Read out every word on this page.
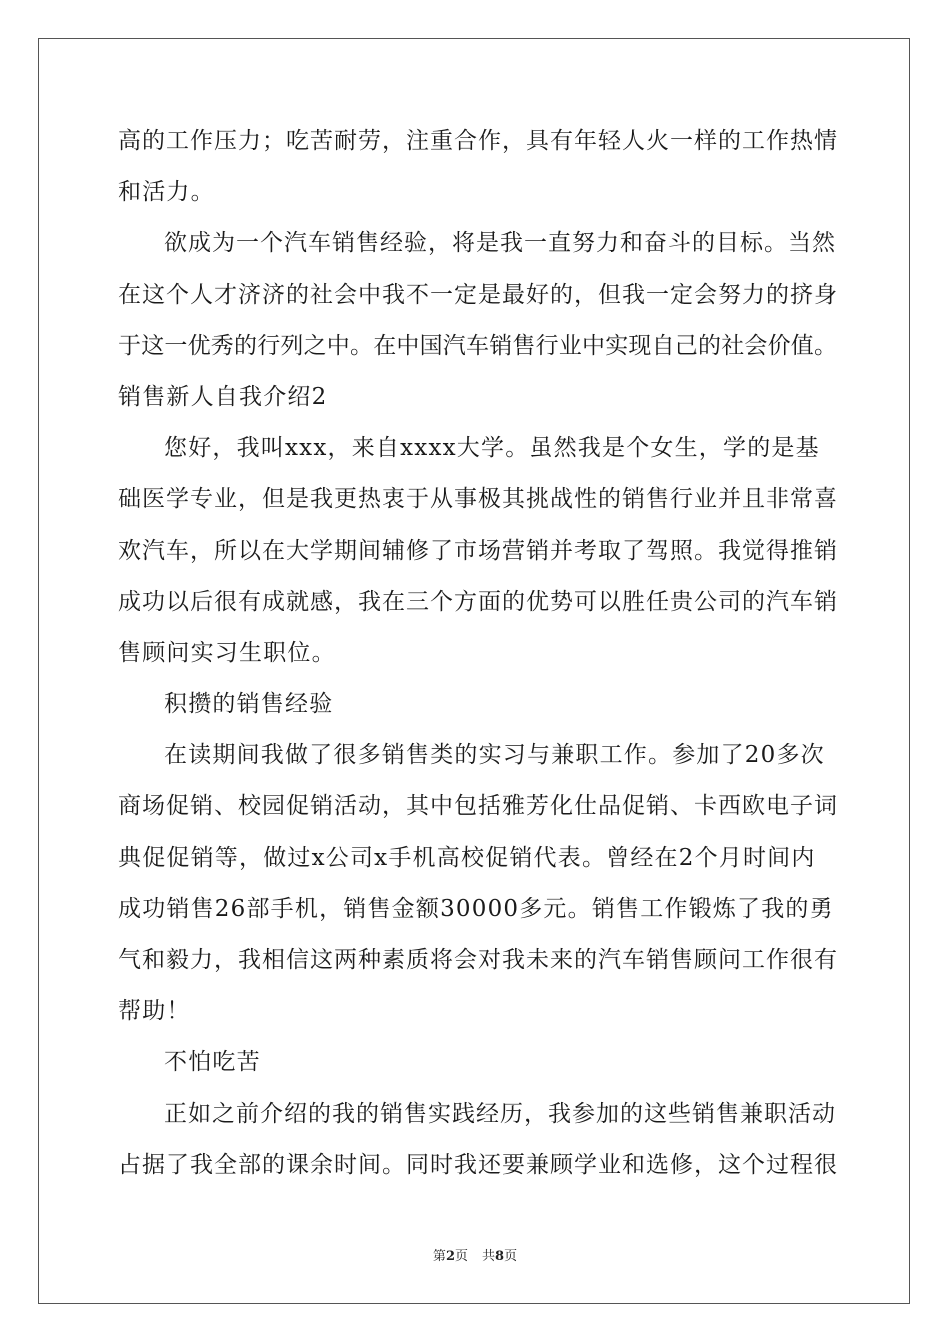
高的工作压力；吃苦耐劳，注重合作，具有年轻人火一样的工作热情
和活力。
欲成为一个汽车销售经验，将是我一直努力和奋斗的目标。当然
在这个人才济济的社会中我不一定是最好的，但我一定会努力的挤身
于这一优秀的行列之中。在中国汽车销售行业中实现自己的社会价值。
销售新人自我介绍2
您好，我叫xxx，来自xxxx大学。虽然我是个女生，学的是基
础医学专业，但是我更热衷于从事极其挑战性的销售行业并且非常喜
欢汽车，所以在大学期间辅修了市场营销并考取了驾照。我觉得推销
成功以后很有成就感，我在三个方面的优势可以胜任贵公司的汽车销
售顾问实习生职位。
积攒的销售经验
在读期间我做了很多销售类的实习与兼职工作。参加了20多次
商场促销、校园促销活动，其中包括雅芳化仕品促销、卡西欧电子词
典促促销等，做过x公司x手机高校促销代表。曾经在2个月时间内
成功销售26部手机，销售金额30000多元。销售工作锻炼了我的勇
气和毅力，我相信这两种素质将会对我未来的汽车销售顾问工作很有
帮助！
不怕吃苦
正如之前介绍的我的销售实践经历，我参加的这些销售兼职活动
占据了我全部的课余时间。同时我还要兼顾学业和选修，这个过程很
第2页 共8页
